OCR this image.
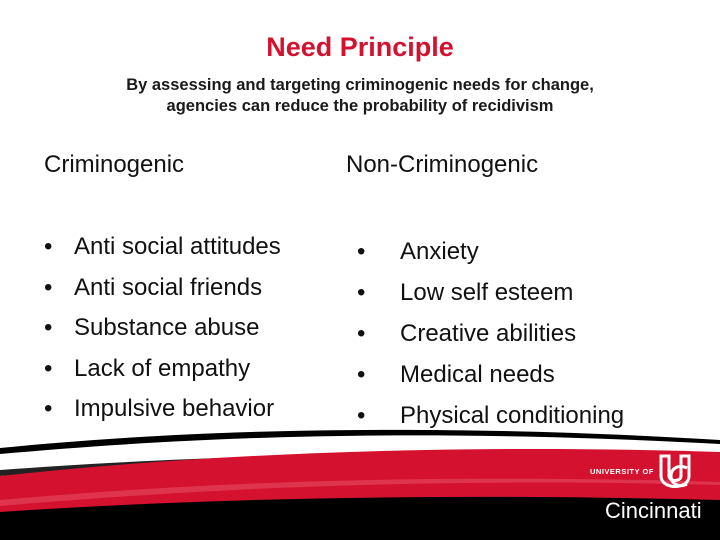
Need Principle
By assessing and targeting criminogenic needs for change,
agencies can reduce the probability of recidivism
Criminogenic	Non-Criminogenic
• Anti social attitudes
• Anti social friends
• Substance abuse
• Lack of empathy
• Impulsive behavior
• Anxiety
• Low self esteem
• Creative abilities
• Medical needs
• Physical conditioning
UNIVERSITY OF
Cincinnati
